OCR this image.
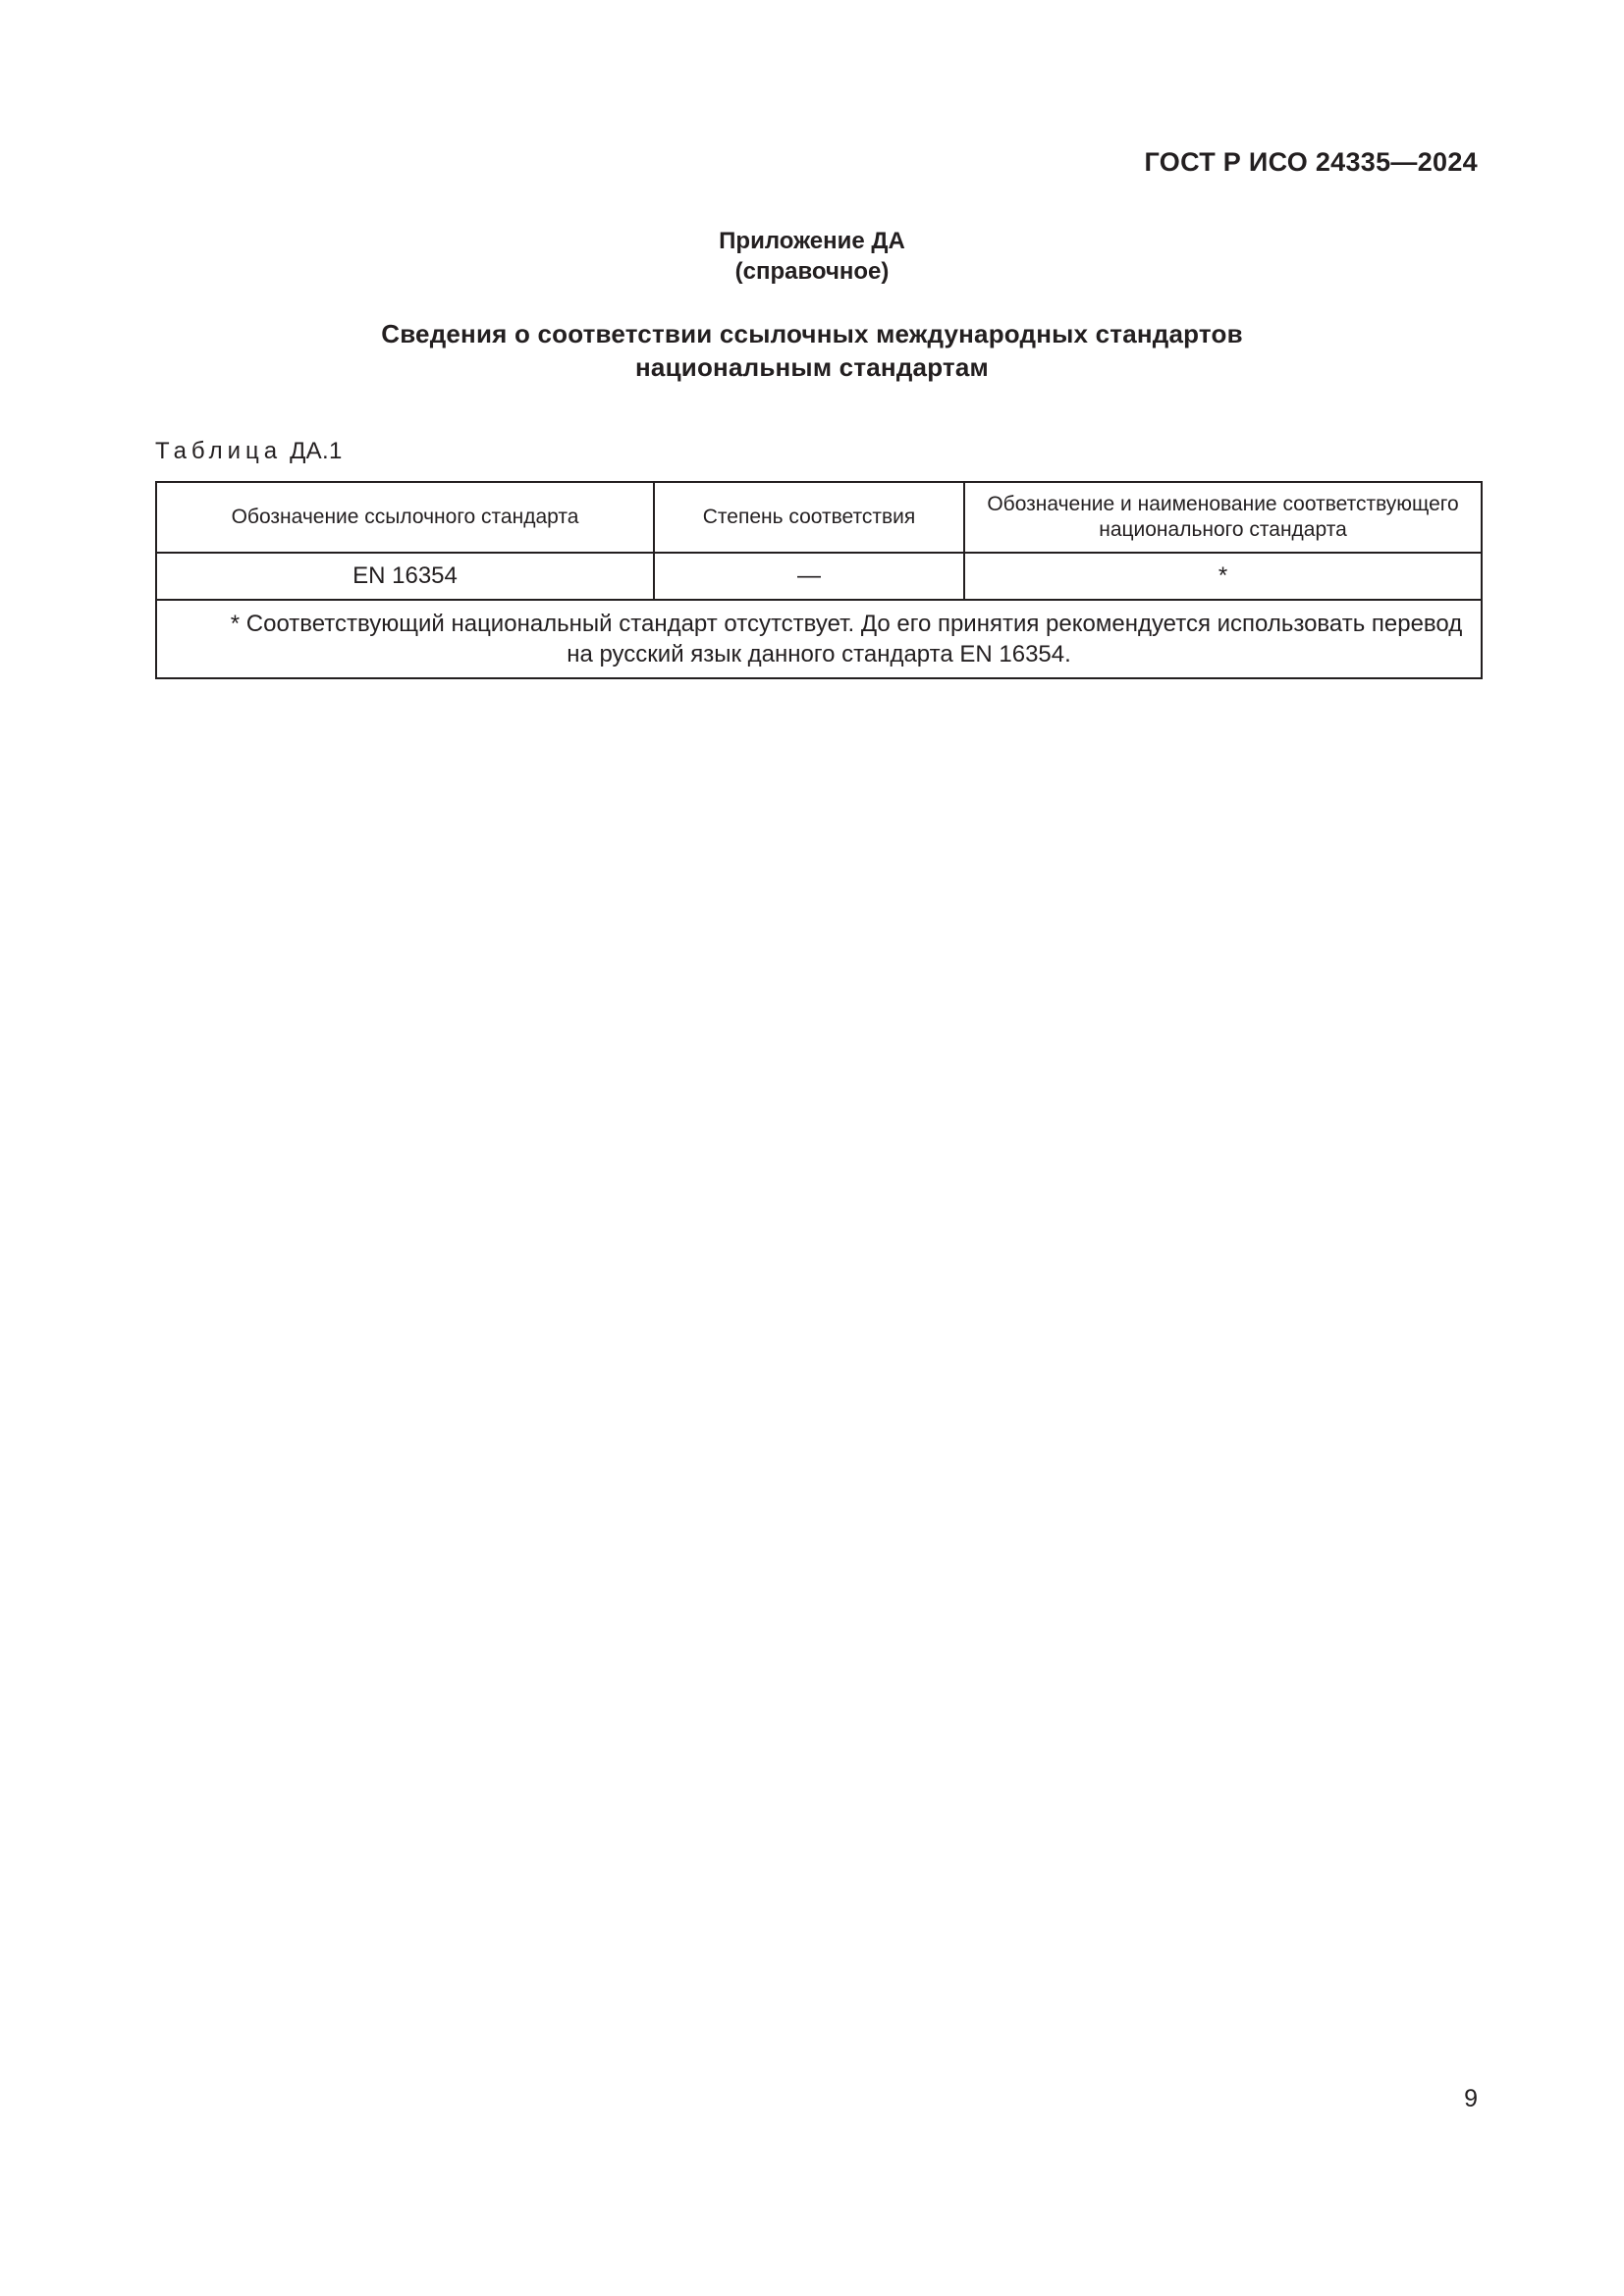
ГОСТ Р ИСО 24335—2024

Приложение ДА
(справочное)
Сведения о соответствии ссылочных международных стандартов
национальным стандартам
Таблица ДА.1
Обозначение ссылочного стандарта	Степень соответствия	Обозначение и наименование соответствующего национального стандарта
EN 16354	—	*

* Соответствующий национальный стандарт отсутствует. До его принятия рекомендуется использовать перевод на русский язык данного стандарта EN 16354.		
9
